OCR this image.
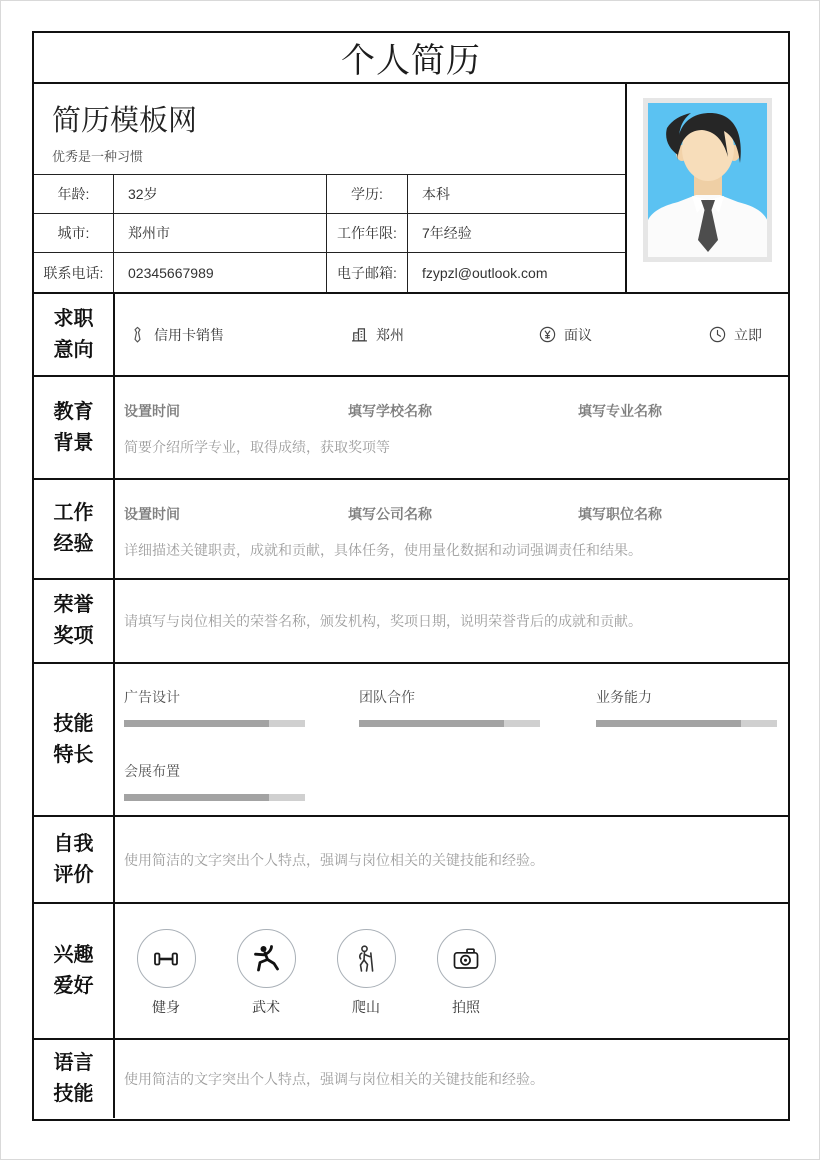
个人简历
简历模板网
优秀是一种习惯
年龄:	32岁	学历:	本科
城市:	郑州市	工作年限:	7年经验
联系电话:	02345667989	电子邮箱:	fzypzl@outlook.com
求职意向
信用卡销售	郑州	面议	立即
教育背景
设置时间	填写学校名称	填写专业名称
简要介绍所学专业，取得成绩，获取奖项等
工作经验
设置时间	填写公司名称	填写职位名称
详细描述关键职责，成就和贡献，具体任务，使用量化数据和动词强调责任和结果。
荣誉奖项
请填写与岗位相关的荣誉名称，颁发机构，奖项日期，说明荣誉背后的成就和贡献。
技能特长
广告设计	团队合作	业务能力
会展布置
自我评价
使用简洁的文字突出个人特点，强调与岗位相关的关键技能和经验。
兴趣爱好
健身	武术	爬山	拍照
语言技能
使用简洁的文字突出个人特点，强调与岗位相关的关键技能和经验。
